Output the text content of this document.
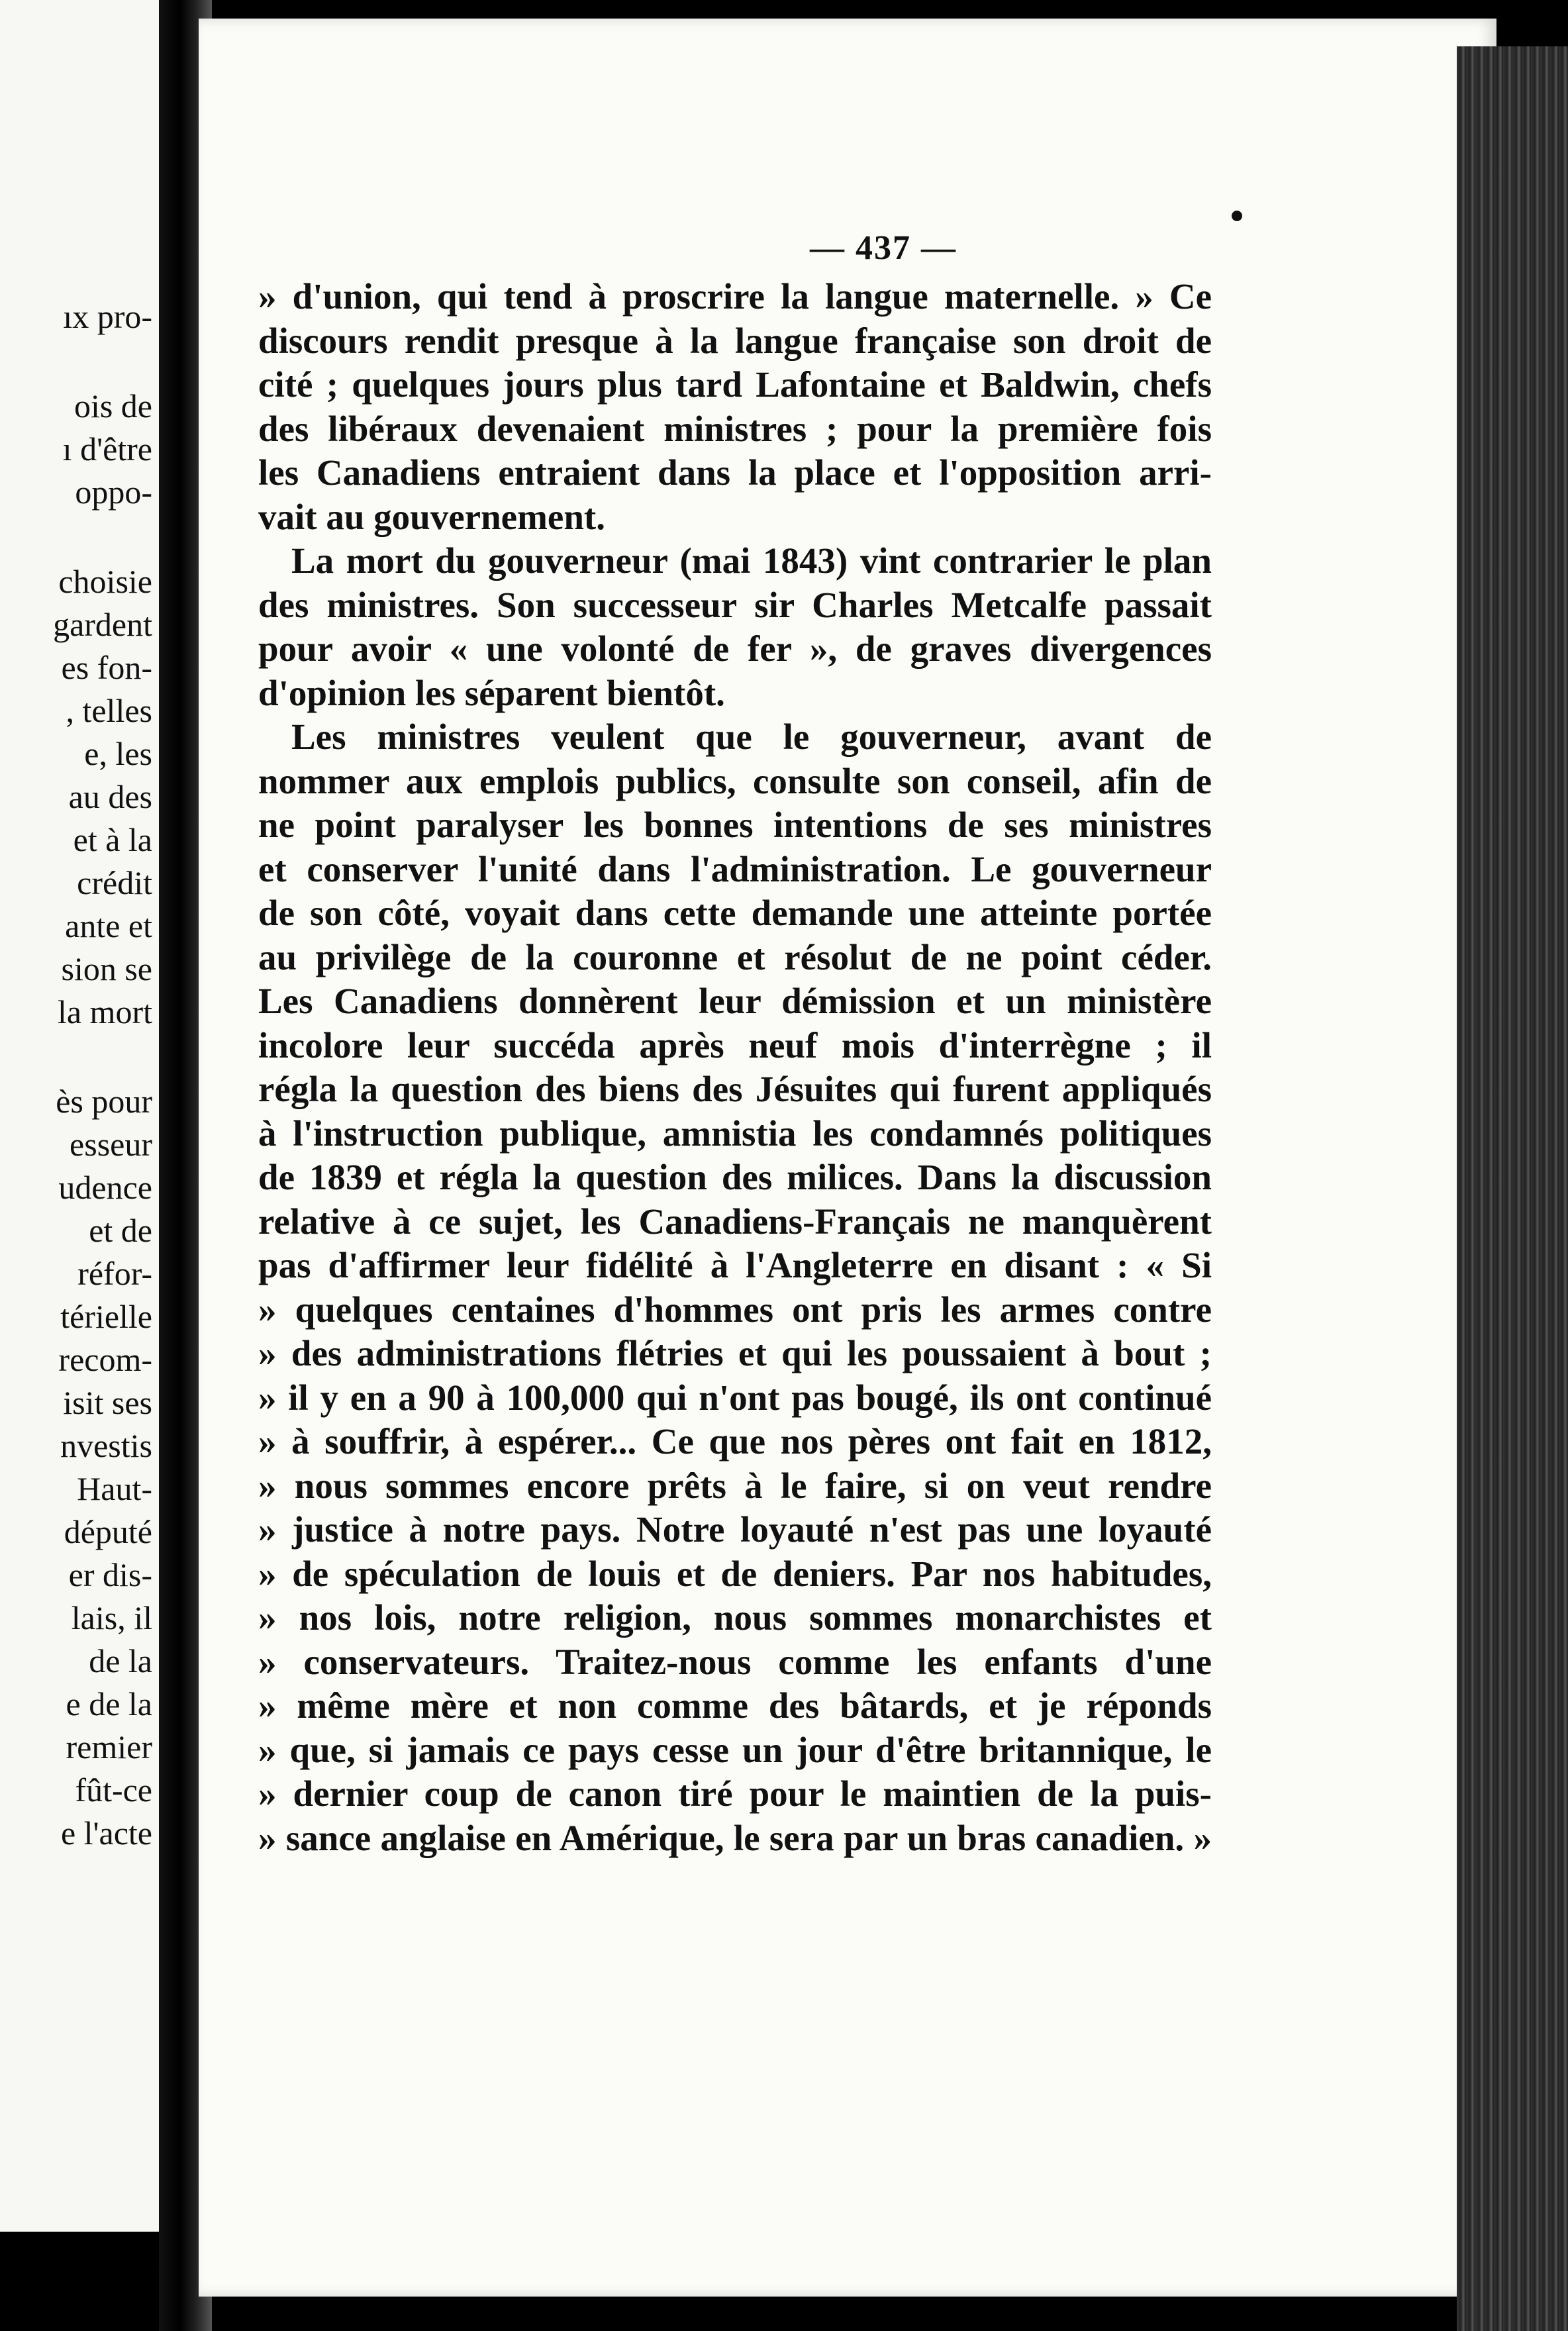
ıx pro-
ois de
ı d'être
oppo-
choisie
gardent
es fon-
, telles
e, les
au des
et à la
crédit
ante et
sion se
la mort
ès pour
esseur
udence
et de
réfor-
térielle
recom-
isit ses
nvestis
Haut-
député
er dis-
lais, il
de la
e de la
remier
fût-ce
e l'acte
— 437 —
» d'union, qui tend à proscrire la langue maternelle. » Ce
discours rendit presque à la langue française son droit de
cité ; quelques jours plus tard Lafontaine et Baldwin, chefs
des libéraux devenaient ministres ; pour la première fois
les Canadiens entraient dans la place et l'opposition arri-
vait au gouvernement.
La mort du gouverneur (mai 1843) vint contrarier le plan
des ministres. Son successeur sir Charles Metcalfe passait
pour avoir « une volonté de fer », de graves divergences
d'opinion les séparent bientôt.
Les ministres veulent que le gouverneur, avant de
nommer aux emplois publics, consulte son conseil, afin de
ne point paralyser les bonnes intentions de ses ministres
et conserver l'unité dans l'administration. Le gouverneur
de son côté, voyait dans cette demande une atteinte portée
au privilège de la couronne et résolut de ne point céder.
Les Canadiens donnèrent leur démission et un ministère
incolore leur succéda après neuf mois d'interrègne ; il
régla la question des biens des Jésuites qui furent appliqués
à l'instruction publique, amnistia les condamnés politiques
de 1839 et régla la question des milices. Dans la discussion
relative à ce sujet, les Canadiens-Français ne manquèrent
pas d'affirmer leur fidélité à l'Angleterre en disant : « Si
» quelques centaines d'hommes ont pris les armes contre
» des administrations flétries et qui les poussaient à bout ;
» il y en a 90 à 100,000 qui n'ont pas bougé, ils ont continué
» à souffrir, à espérer... Ce que nos pères ont fait en 1812,
» nous sommes encore prêts à le faire, si on veut rendre
» justice à notre pays. Notre loyauté n'est pas une loyauté
» de spéculation de louis et de deniers. Par nos habitudes,
» nos lois, notre religion, nous sommes monarchistes et
» conservateurs. Traitez-nous comme les enfants d'une
» même mère et non comme des bâtards, et je réponds
» que, si jamais ce pays cesse un jour d'être britannique, le
» dernier coup de canon tiré pour le maintien de la puis-
» sance anglaise en Amérique, le sera par un bras canadien. »
